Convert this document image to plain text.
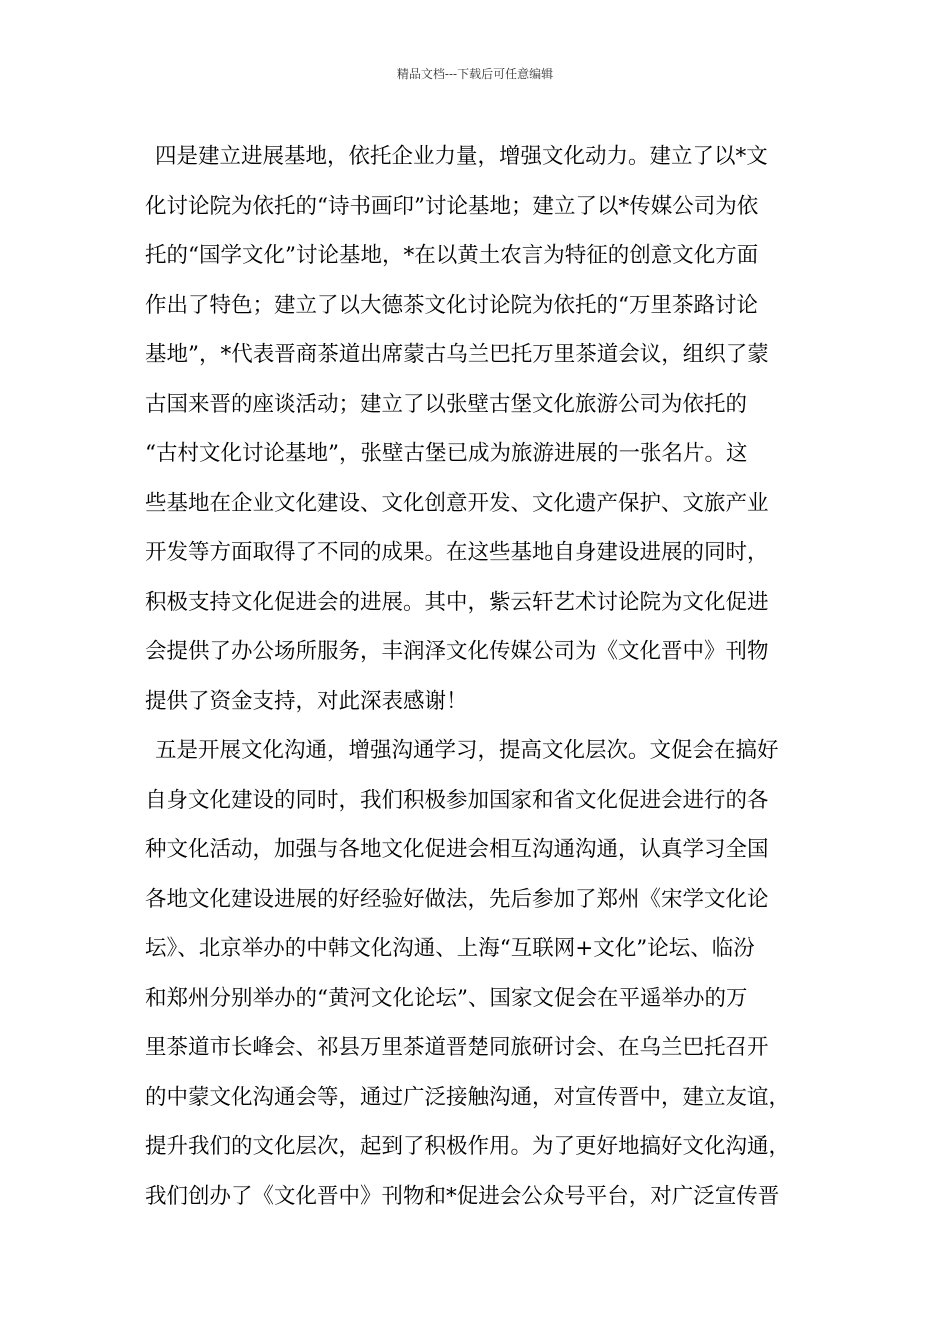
精品文档---下载后可任意编辑
四是建立进展基地，依托企业力量，增强文化动力。建立了以*文
化讨论院为依托的“诗书画印”讨论基地；建立了以*传媒公司为依
托的“国学文化”讨论基地，*在以黄土农言为特征的创意文化方面
作出了特色；建立了以大德茶文化讨论院为依托的“万里茶路讨论
基地”，*代表晋商茶道出席蒙古乌兰巴托万里茶道会议，组织了蒙
古国来晋的座谈活动；建立了以张壁古堡文化旅游公司为依托的
“古村文化讨论基地”，张壁古堡已成为旅游进展的一张名片。这
些基地在企业文化建设、文化创意开发、文化遗产保护、文旅产业
开发等方面取得了不同的成果。在这些基地自身建设进展的同时，
积极支持文化促进会的进展。其中，紫云轩艺术讨论院为文化促进
会提供了办公场所服务，丰润泽文化传媒公司为《文化晋中》刊物
提供了资金支持，对此深表感谢！
五是开展文化沟通，增强沟通学习，提高文化层次。文促会在搞好
自身文化建设的同时，我们积极参加国家和省文化促进会进行的各
种文化活动，加强与各地文化促进会相互沟通沟通，认真学习全国
各地文化建设进展的好经验好做法，先后参加了郑州《宋学文化论
坛》、北京举办的中韩文化沟通、上海“互联网+文化”论坛、临汾
和郑州分别举办的“黄河文化论坛”、国家文促会在平遥举办的万
里茶道市长峰会、祁县万里茶道晋楚同旅研讨会、在乌兰巴托召开
的中蒙文化沟通会等，通过广泛接触沟通，对宣传晋中，建立友谊，
提升我们的文化层次，起到了积极作用。为了更好地搞好文化沟通，
我们创办了《文化晋中》刊物和*促进会公众号平台，对广泛宣传晋
